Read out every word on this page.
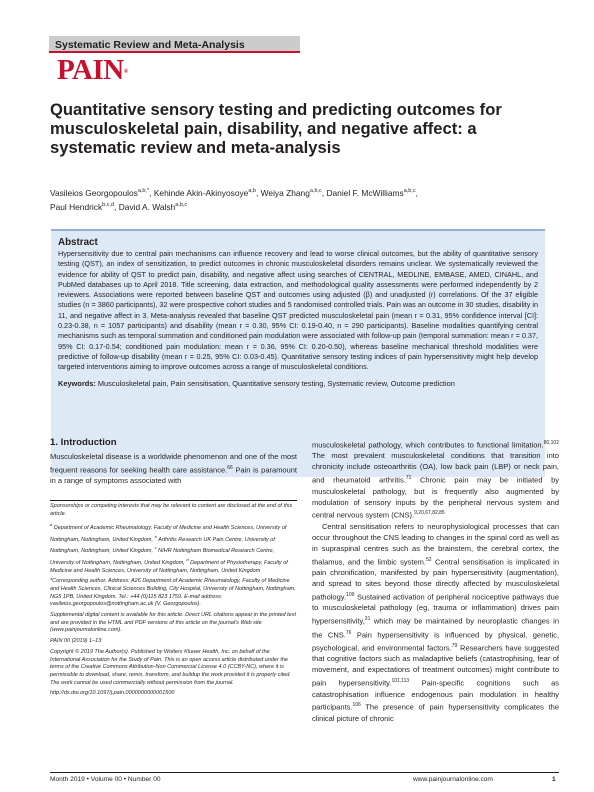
Systematic Review and Meta-Analysis
PAIN®
Quantitative sensory testing and predicting outcomes for musculoskeletal pain, disability, and negative affect: a systematic review and meta-analysis
Vasileios Georgopoulos$^{a,b,*}$, Kehinde Akin-Akinyosoye$^{a,b}$, Weiya Zhang$^{a,b,c}$, Daniel F. McWilliams$^{a,b,c}$,
Paul Hendrick$^{b,c,d}$, David A. Walsh$^{a,b,c}$
Abstract
Hypersensitivity due to central pain mechanisms can influence recovery and lead to worse clinical outcomes, but the ability of quantitative sensory testing (QST), an index of sensitization, to predict outcomes in chronic musculoskeletal disorders remains unclear. We systematically reviewed the evidence for ability of QST to predict pain, disability, and negative affect using searches of CENTRAL, MEDLINE, EMBASE, AMED, CINAHL, and PubMed databases up to April 2018. Title screening, data extraction, and methodological quality assessments were performed independently by 2 reviewers. Associations were reported between baseline QST and outcomes using adjusted (β) and unadjusted (r) correlations. Of the 37 eligible studies (n = 3860 participants), 32 were prospective cohort studies and 5 randomised controlled trials. Pain was an outcome in 30 studies, disability in 11, and negative affect in 3. Meta-analysis revealed that baseline QST predicted musculoskeletal pain (mean r = 0.31, 95% confidence interval [CI]: 0.23-0.38, n = 1057 participants) and disability (mean r = 0.30, 95% CI: 0.19-0.40, n = 290 participants). Baseline modalities quantifying central mechanisms such as temporal summation and conditioned pain modulation were associated with follow-up pain (temporal summation: mean r = 0.37, 95% CI: 0.17-0.54; conditioned pain modulation: mean r = 0.36, 95% CI: 0.20-0.50), whereas baseline mechanical threshold modalities were predictive of follow-up disability (mean r = 0.25, 95% CI: 0.03-0.45). Quantitative sensory testing indices of pain hypersensitivity might help develop targeted interventions aiming to improve outcomes across a range of musculoskeletal conditions.
Keywords: Musculoskeletal pain, Pain sensitisation, Quantitative sensory testing, Systematic review, Outcome prediction
1. Introduction
Musculoskeletal disease is a worldwide phenomenon and one of the most frequent reasons for seeking health care assistance.$^{66}$ Pain is paramount in a range of symptoms associated with

Sponsorships or competing interests that may be relevant to content are disclosed at the end of this article.

$^a$ Department of Academic Rheumatology, Faculty of Medicine and Health Sciences, University of Nottingham, Nottingham, United Kingdom, $^b$ Arthritis Research UK Pain Centre, University of Nottingham, Nottingham, United Kingdom, $^c$ NIHR Nottingham Biomedical Research Centre, University of Nottingham, Nottingham, United Kingdom, $^d$ Department of Physiotherapy, Faculty of Medicine and Health Sciences, University of Nottingham, Nottingham, United Kingdom

*Corresponding author. Address: A26 Department of Academic Rheumatology, Faculty of Medicine and Health Sciences, Clinical Sciences Building, City Hospital, University of Nottingham, Nottingham, NG5 1PB, United Kingdom. Tel.: +44 (0)115 823 1759. E-mail address: vasileios.georgopoulos@nottingham.ac.uk (V. Georgopoulos).

Supplemental digital content is available for this article. Direct URL citations appear in the printed text and are provided in the HTML and PDF versions of this article on the journal's Web site (www.painjournalonline.com).

PAIN 00 (2019) 1–13

Copyright © 2019 The Author(s). Published by Wolters Kluwer Health, Inc. on behalf of the International Association for the Study of Pain. This is an open access article distributed under the terms of the Creative Commons Attribution-Non Commercial License 4.0 (CCBY-NC), where it is permissible to download, share, remix, transform, and buildup the work provided it is properly cited. The work cannot be used commercially without permission from the journal.

http://dx.doi.org/10.1097/j.pain.0000000000001500

musculoskeletal pathology, which contributes to functional limitation.$^{80,102}$ The most prevalent musculoskeletal conditions that transition into chronicity include osteoarthritis (OA), low back pain (LBP) or neck pain, and rheumatoid arthritis.$^{71}$ Chronic pain may be initiated by musculoskeletal pathology, but is frequently also augmented by modulation of sensory inputs by the peripheral nervous system and central nervous system (CNS).$^{9,20,67,82,85}$

Central sensitisation refers to neurophysiological processes that can occur throughout the CNS leading to changes in the spinal cord as well as in supraspinal centres such as the brainstem, the cerebral cortex, the thalamus, and the limbic system.$^{52}$ Central sensitisation is implicated in pain chronification, manifested by pain hypersensitivity (augmentation), and spread to sites beyond those directly affected by musculoskeletal pathology.$^{109}$ Sustained activation of peripheral nociceptive pathways due to musculoskeletal pathology (eg, trauma or inflammation) drives pain hypersensitivity,$^{31}$ which may be maintained by neuroplastic changes in the CNS.$^{76}$ Pain hypersensitivity is influenced by physical, genetic, psychological, and environmental factors.$^{79}$ Researchers have suggested that cognitive factors such as maladaptive beliefs (catastrophising, fear of movement, and expectations of treatment outcomes) might contribute to pain hypersensitivity.$^{101,113}$ Pain-specific cognitions such as catastrophisation influence endogenous pain modulation in healthy participants.$^{106}$ The presence of pain hypersensitivity complicates the clinical picture of chronic

Month 2019 • Volume 00 • Number 00	www.painjournalonline.com	1
